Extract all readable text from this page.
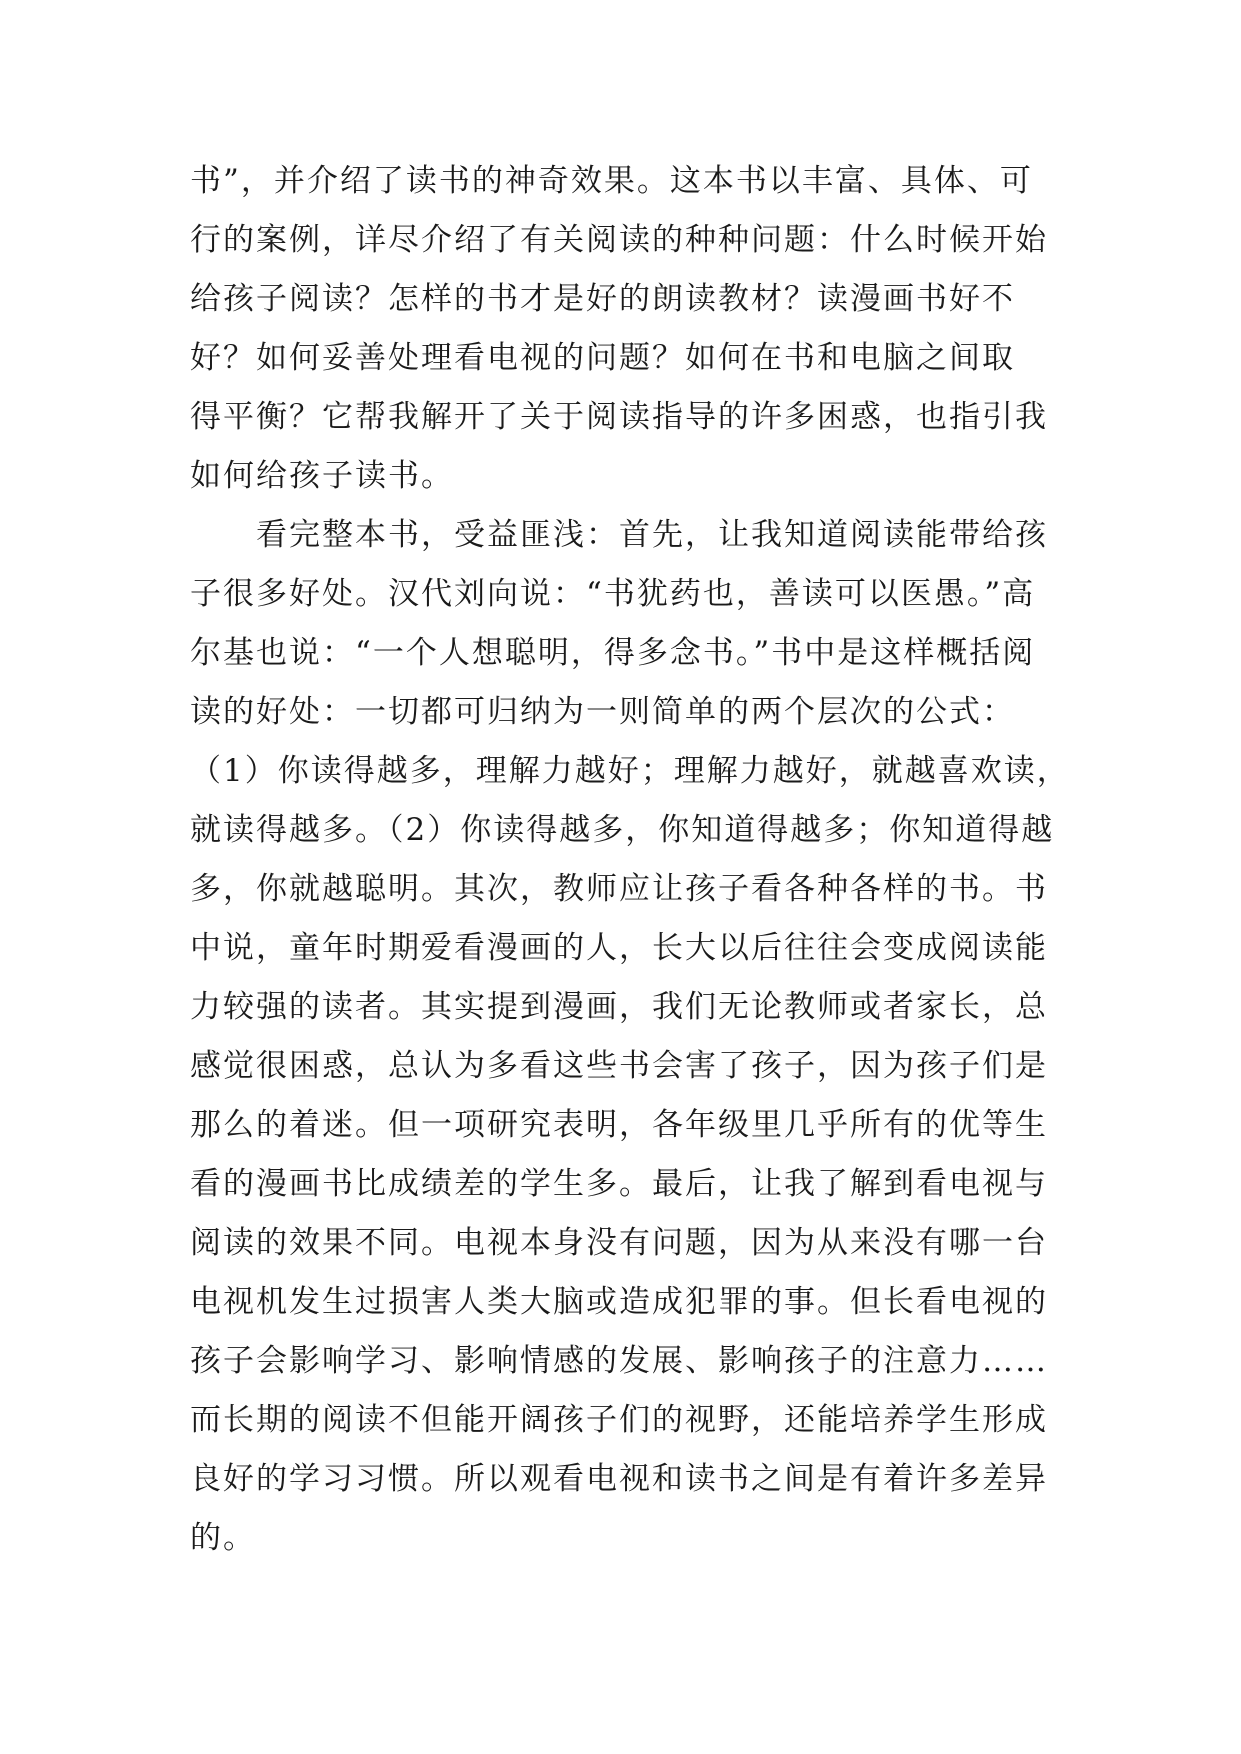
书”，并介绍了读书的神奇效果。这本书以丰富、具体、可
行的案例，详尽介绍了有关阅读的种种问题：什么时候开始
给孩子阅读？怎样的书才是好的朗读教材？读漫画书好不
好？如何妥善处理看电视的问题？如何在书和电脑之间取
得平衡？它帮我解开了关于阅读指导的许多困惑，也指引我
如何给孩子读书。
　　看完整本书，受益匪浅：首先，让我知道阅读能带给孩
子很多好处。汉代刘向说：“书犹药也，善读可以医愚。”高
尔基也说：“一个人想聪明，得多念书。”书中是这样概括阅
读的好处：一切都可归纳为一则简单的两个层次的公式：
（1）你读得越多，理解力越好；理解力越好，就越喜欢读，
就读得越多。（2）你读得越多，你知道得越多；你知道得越
多，你就越聪明。其次，教师应让孩子看各种各样的书。书
中说，童年时期爱看漫画的人，长大以后往往会变成阅读能
力较强的读者。其实提到漫画，我们无论教师或者家长，总
感觉很困惑，总认为多看这些书会害了孩子，因为孩子们是
那么的着迷。但一项研究表明，各年级里几乎所有的优等生
看的漫画书比成绩差的学生多。最后，让我了解到看电视与
阅读的效果不同。电视本身没有问题，因为从来没有哪一台
电视机发生过损害人类大脑或造成犯罪的事。但长看电视的
孩子会影响学习、影响情感的发展、影响孩子的注意力……
而长期的阅读不但能开阔孩子们的视野，还能培养学生形成
良好的学习习惯。所以观看电视和读书之间是有着许多差异
的。
